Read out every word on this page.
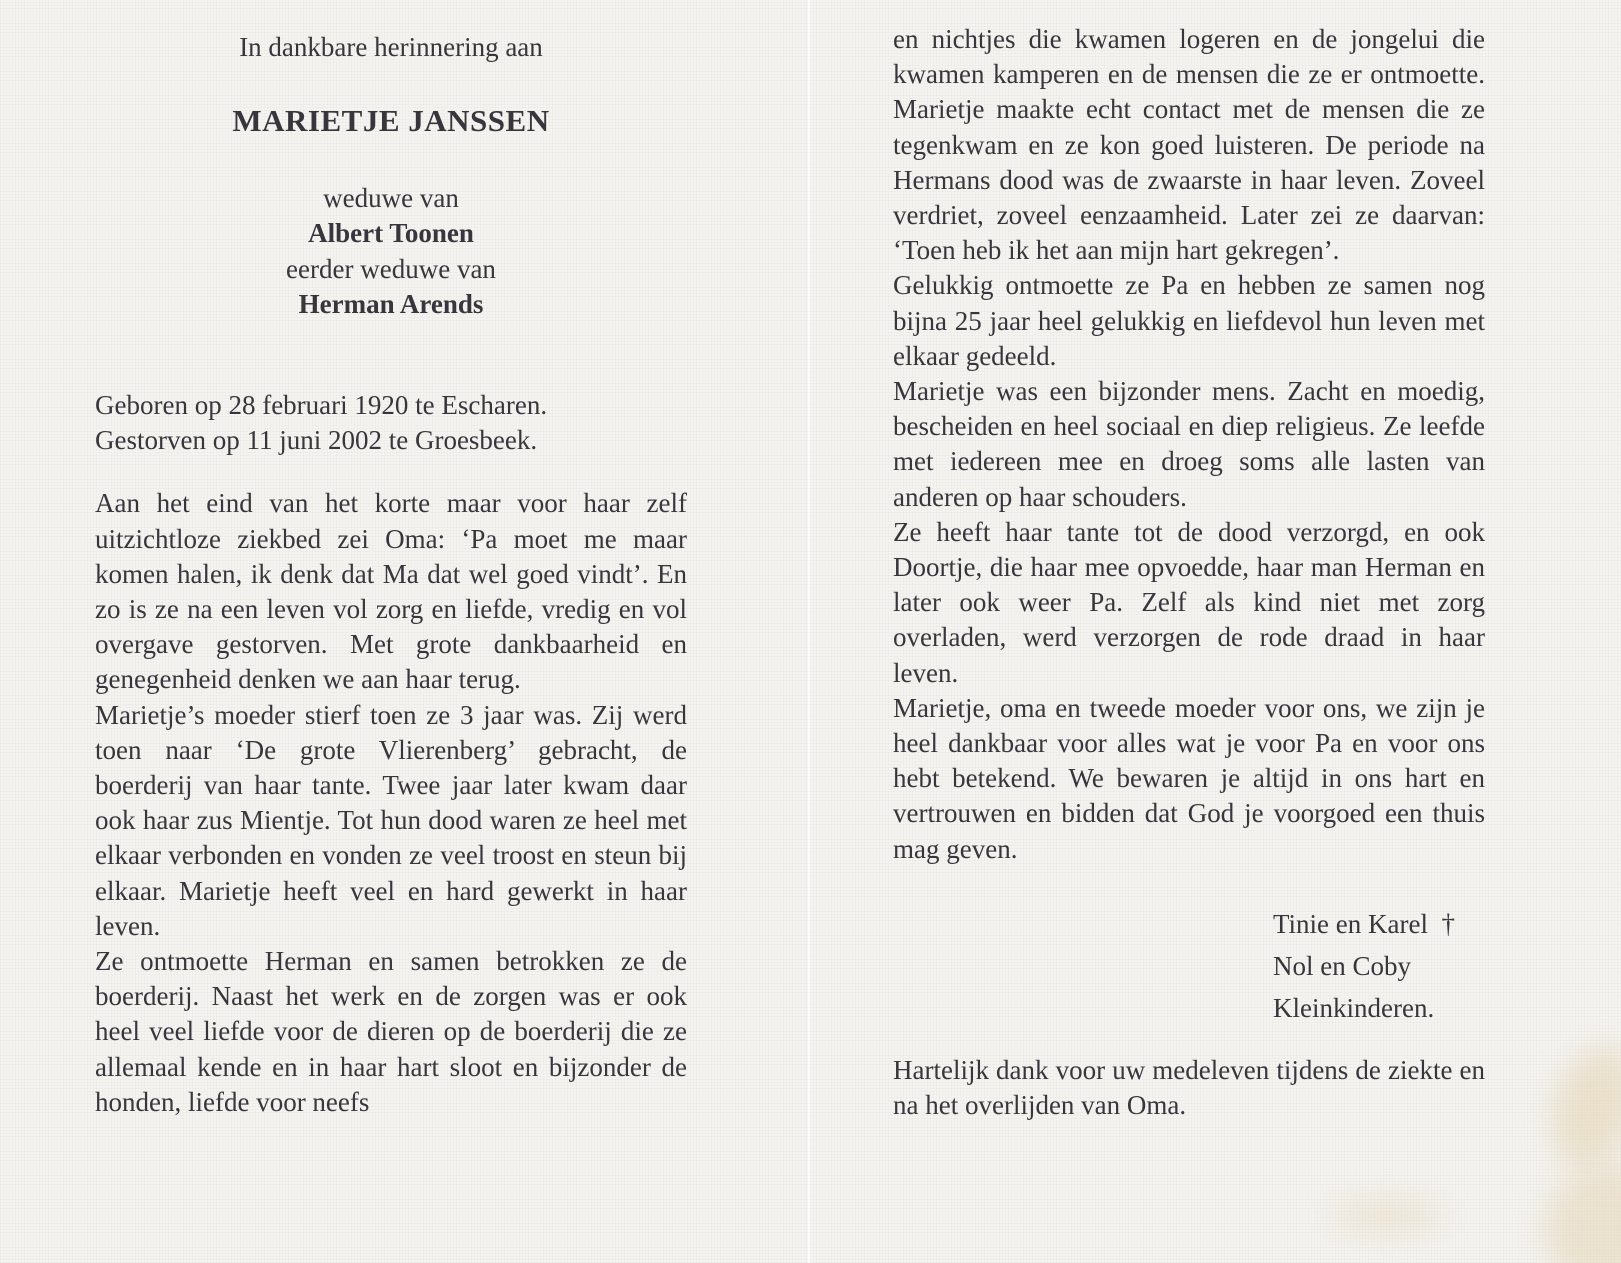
In dankbare herinnering aan

MARIETJE JANSSEN

weduwe van

Albert Toonen

eerder weduwe van

Herman Arends

Geboren op 28 februari 1920 te Escharen.

Gestorven op 11 juni 2002 te Groesbeek.

Aan het eind van het korte maar voor haar zelf uitzichtloze ziekbed zei Oma: ‘Pa moet me maar komen halen, ik denk dat Ma dat wel goed vindt’. En zo is ze na een leven vol zorg en liefde, vredig en vol overgave gestorven. Met grote dankbaarheid en genegenheid denken we aan haar terug.

Marietje’s moeder stierf toen ze 3 jaar was. Zij werd toen naar ‘De grote Vlierenberg’ gebracht, de boerderij van haar tante. Twee jaar later kwam daar ook haar zus Mientje. Tot hun dood waren ze heel met elkaar verbonden en vonden ze veel troost en steun bij elkaar. Marietje heeft veel en hard gewerkt in haar leven.

Ze ontmoette Herman en samen betrokken ze de boerderij. Naast het werk en de zorgen was er ook heel veel liefde voor de dieren op de boerderij die ze allemaal kende en in haar hart sloot en bijzonder de honden, liefde voor neefs

en nichtjes die kwamen logeren en de jongelui die kwamen kamperen en de mensen die ze er ontmoette. Marietje maakte echt contact met de mensen die ze tegenkwam en ze kon goed luisteren. De periode na Hermans dood was de zwaarste in haar leven. Zoveel verdriet, zoveel eenzaamheid. Later zei ze daarvan: ‘Toen heb ik het aan mijn hart gekregen’.

Gelukkig ontmoette ze Pa en hebben ze samen nog bijna 25 jaar heel gelukkig en liefdevol hun leven met elkaar gedeeld.

Marietje was een bijzonder mens. Zacht en moedig, bescheiden en heel sociaal en diep religieus. Ze leefde met iedereen mee en droeg soms alle lasten van anderen op haar schouders.

Ze heeft haar tante tot de dood verzorgd, en ook Doortje, die haar mee opvoedde, haar man Herman en later ook weer Pa. Zelf als kind niet met zorg overladen, werd verzorgen de rode draad in haar leven.

Marietje, oma en tweede moeder voor ons, we zijn je heel dankbaar voor alles wat je voor Pa en voor ons hebt betekend. We bewaren je altijd in ons hart en vertrouwen en bidden dat God je voorgoed een thuis mag geven.

Tinie en Karel  †

Nol en Coby

Kleinkinderen.

Hartelijk dank voor uw medeleven tijdens de ziekte en na het overlijden van Oma.
